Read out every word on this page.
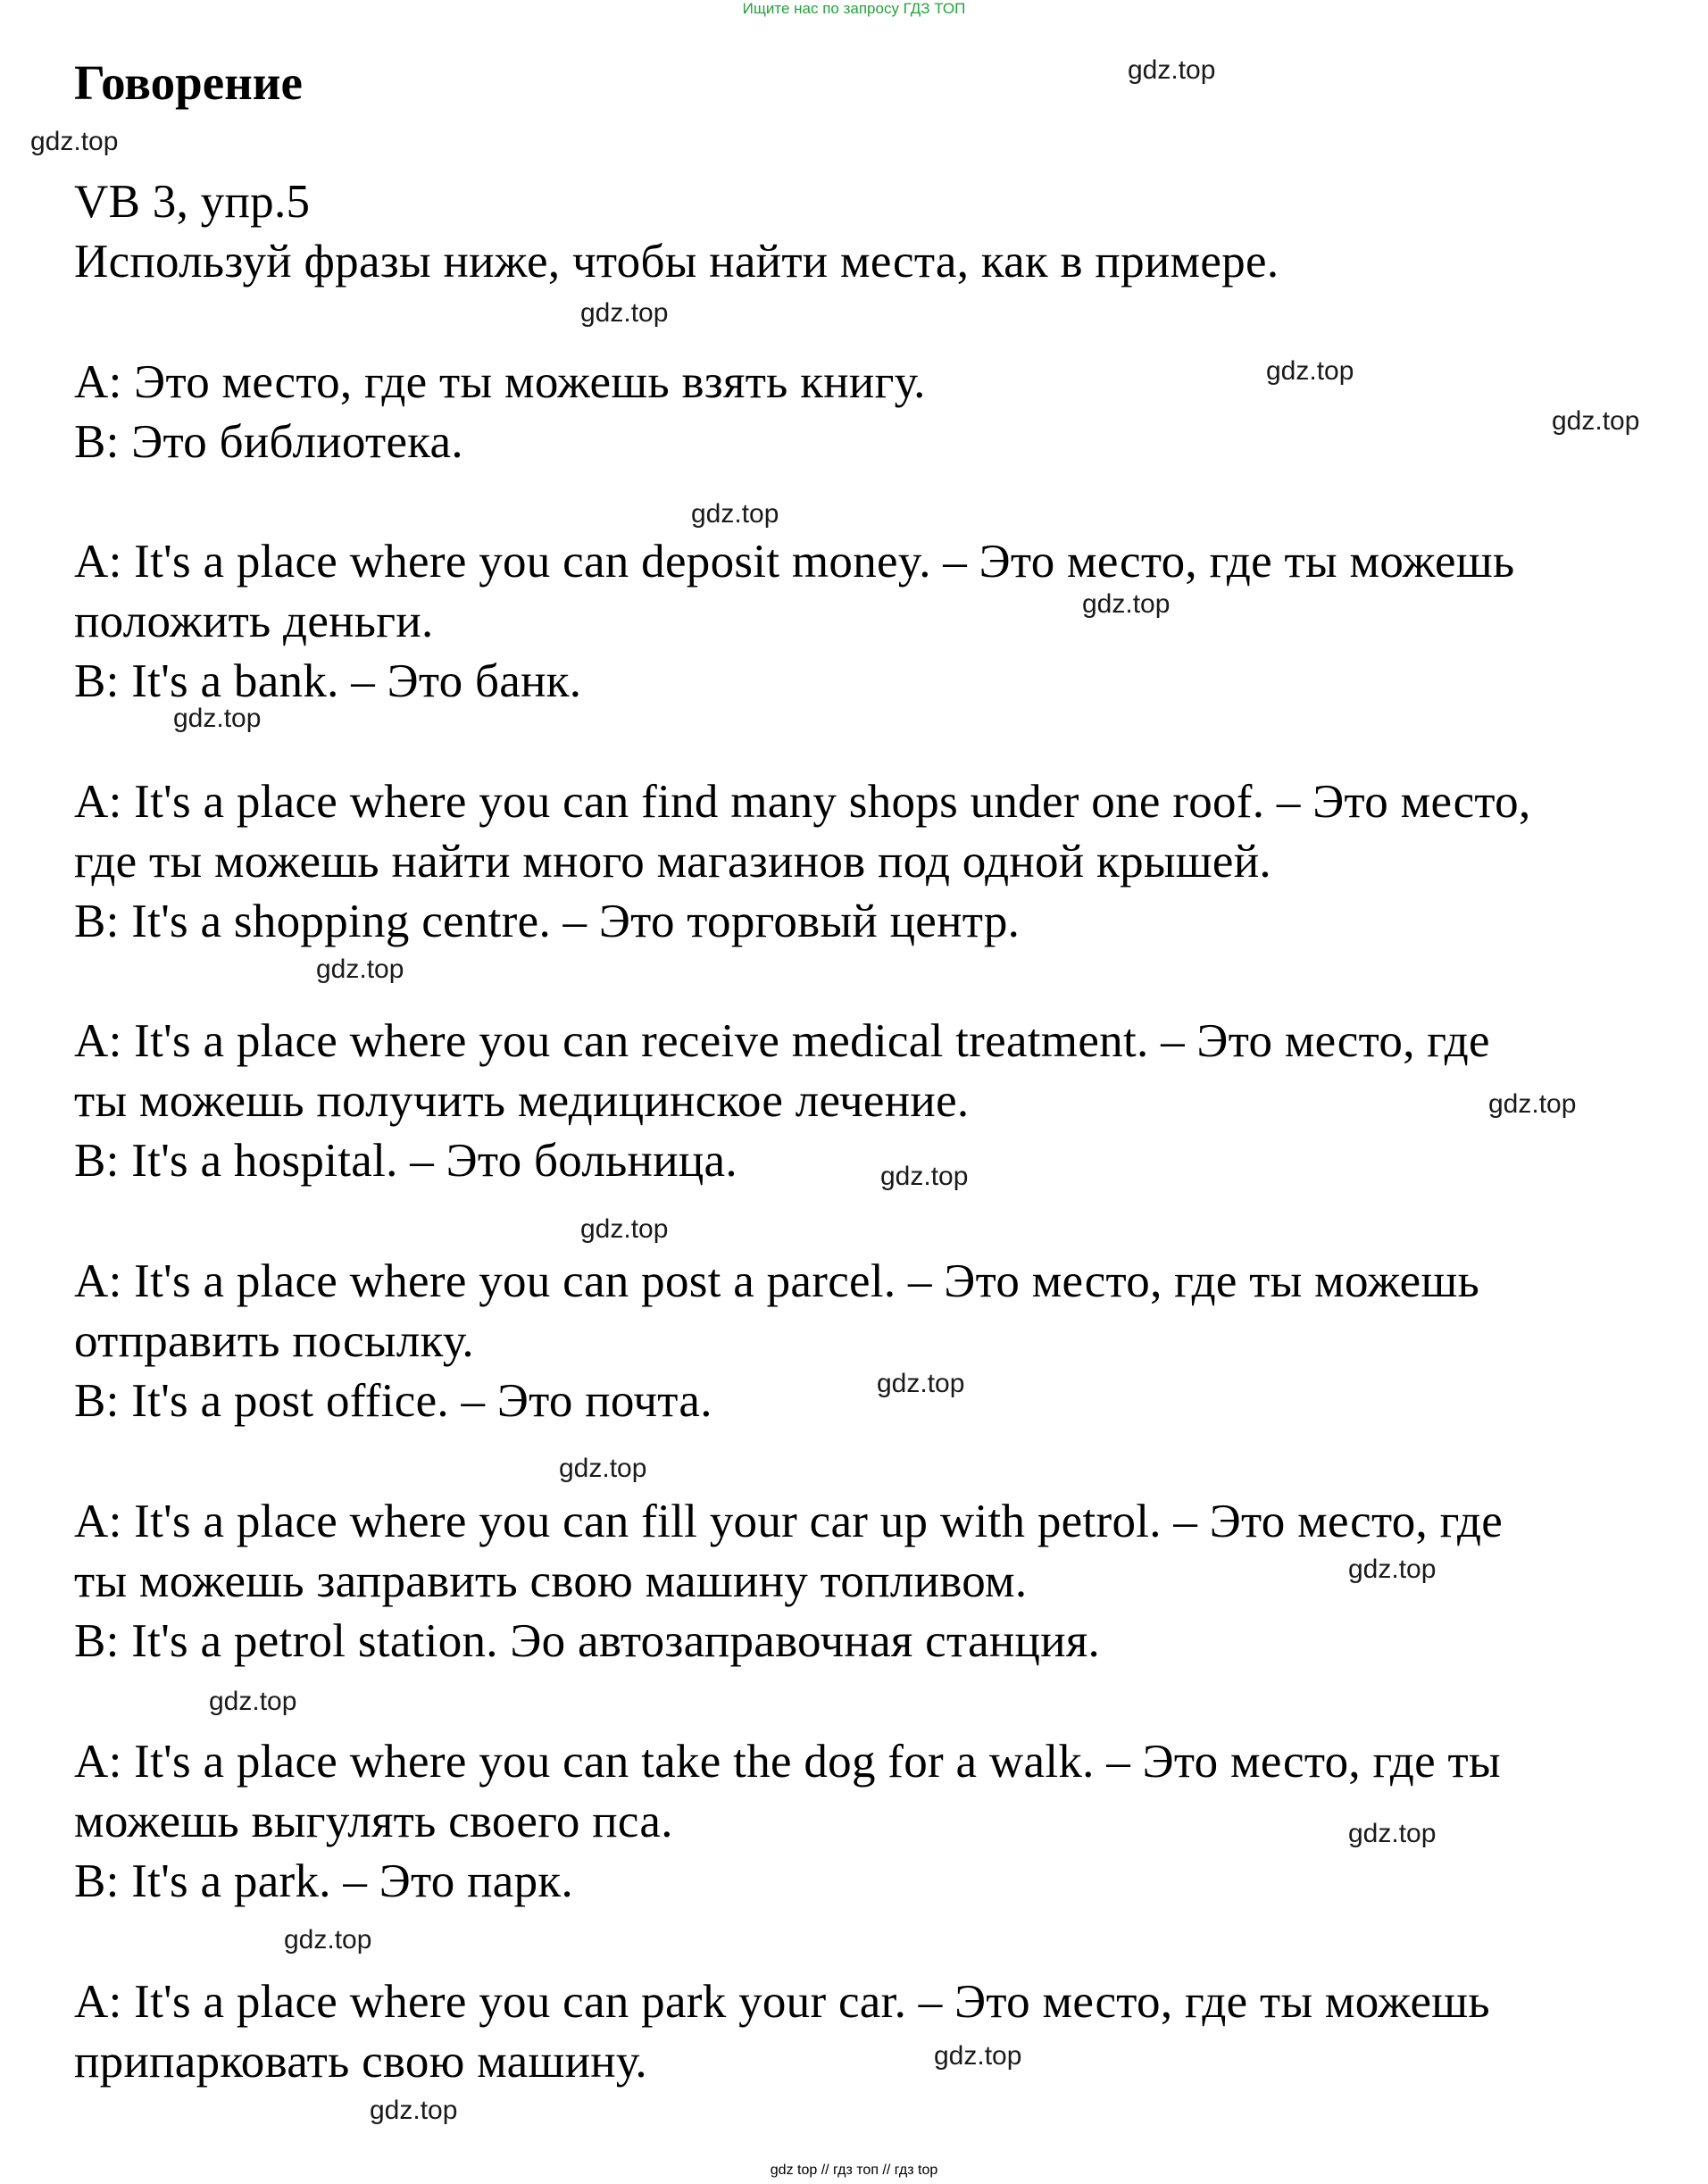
Ищите нас по запросу ГДЗ ТОП
Говорение

VB 3, упр.5

Используй фразы ниже, чтобы найти места, как в примере.

A: Это место, где ты можешь взять книгу.
B: Это библиотека.
A: It's a place where you can deposit money. – Это место, где ты можешь
положить деньги.
B: It's a bank. – Это банк.
A: It's a place where you can find many shops under one roof. – Это место,
где ты можешь найти много магазинов под одной крышей.
B: It's a shopping centre. – Это торговый центр.
A: It's a place where you can receive medical treatment. – Это место, где
ты можешь получить медицинское лечение.
B: It's a hospital. – Это больница.
A: It's a place where you can post a parcel. – Это место, где ты можешь
отправить посылку.
B: It's a post office. – Это почта.
A: It's a place where you can fill your car up with petrol. – Это место, где
ты можешь заправить свою машину топливом.
B: It's a petrol station. Эо автозаправочная станция.
A: It's a place where you can take the dog for a walk. – Это место, где ты
можешь выгулять своего пса.
B: It's a park. – Это парк.
A: It's a place where you can park your car. – Это место, где ты можешь
припарковать свою машину.
gdz.top
gdz.top
gdz.top
gdz.top
gdz.top
gdz.top
gdz.top
gdz.top
gdz.top
gdz.top
gdz.top
gdz.top
gdz.top
gdz.top
gdz.top
gdz.top
gdz.top
gdz.top
gdz.top
gdz.top
gdz top // гдз топ // гдз top
